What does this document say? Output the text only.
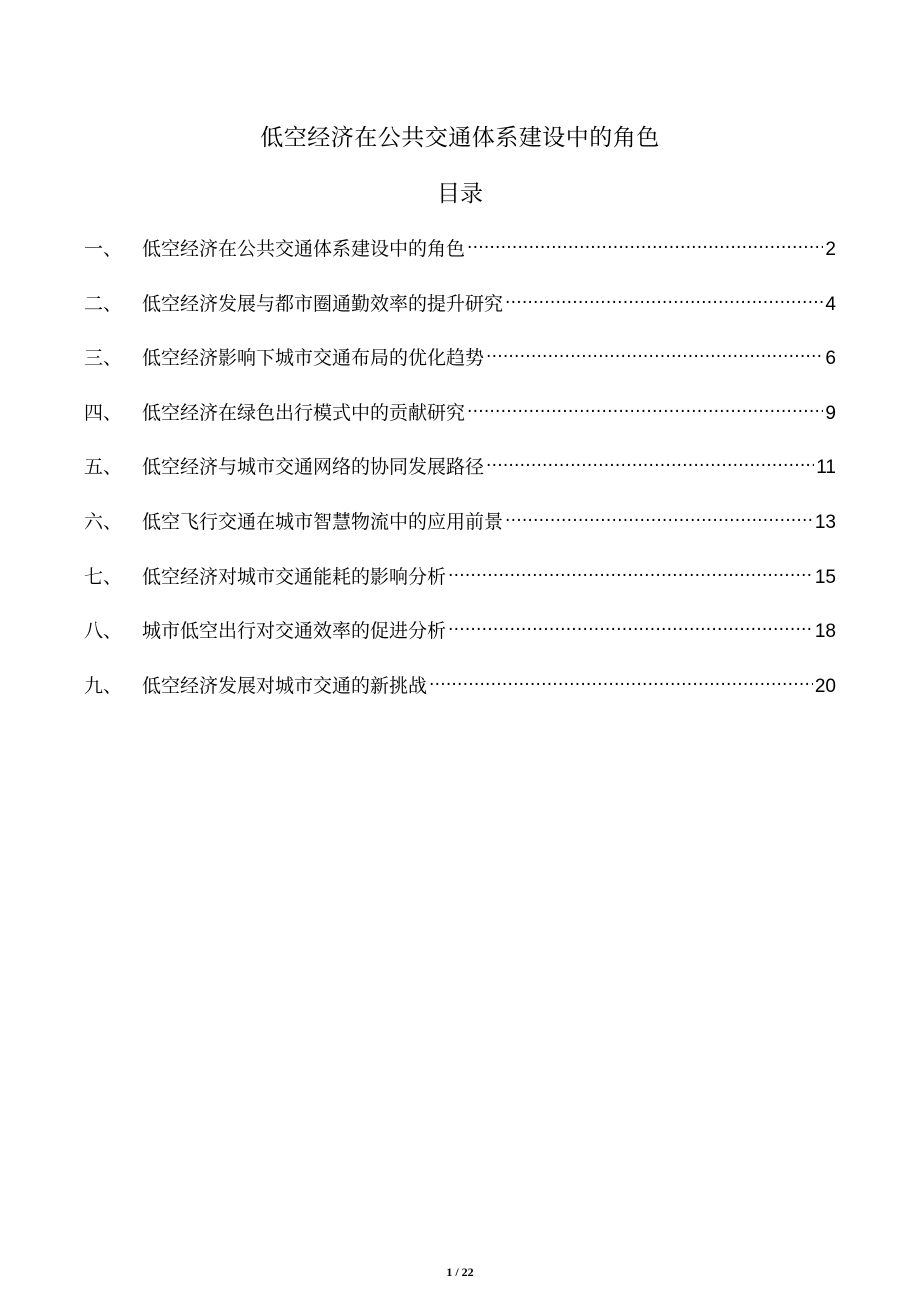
低空经济在公共交通体系建设中的角色
目录
一、	低空经济在公共交通体系建设中的角色 .....	2
二、	低空经济发展与都市圈通勤效率的提升研究 .....	4
三、	低空经济影响下城市交通布局的优化趋势 .....	6
四、	低空经济在绿色出行模式中的贡献研究 .....	9
五、	低空经济与城市交通网络的协同发展路径 .....	11
六、	低空飞行交通在城市智慧物流中的应用前景 .....	13
七、	低空经济对城市交通能耗的影响分析 .....	15
八、	城市低空出行对交通效率的促进分析 .....	18
九、	低空经济发展对城市交通的新挑战 .....	20
1 / 22
